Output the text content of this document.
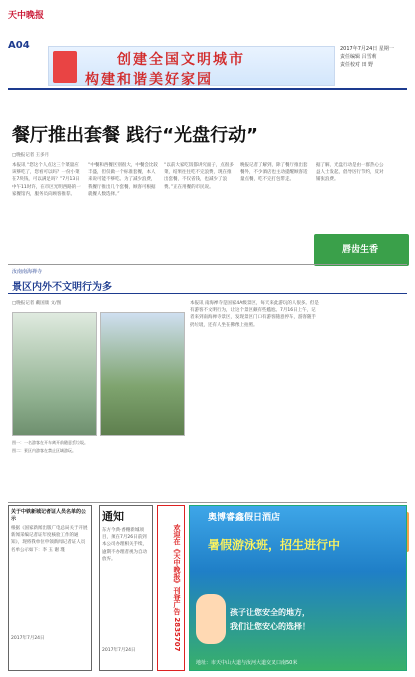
天中晚报
A04
创建全国文明城市
构建和谐美好家园
2017年7月24日 星期一
责任编辑 吕雪莉
责任校对 田 野
餐厅推出套餐 践行“光盘行动”
□晚报记者 王多月
本报讯 “您这个人点这三个菜量应该够吃了，您看可以吗？一份小菜在7块钱，可以满足吗？”7月13日中午11时许，在市区光明西路的一家餐馆内，服务员向顾客推荐。
“中餐和西餐区别很大，中餐会比较丰盛，但仅做一个标准套餐，本人来说可能不够吃。为了减少浪费，我餐厅推出几个套餐，顾客可根据就餐人数选择。”
“以前大家吃饭都讲究面子，点很多菜，结果往往吃不完浪费，现在推出套餐，不仅省钱，也减少了浪费。”正在用餐的市民说。
晚报记者了解到，除了餐厅推出套餐外，不少酒店也主动提醒顾客适量点餐，吃不完打包带走。
据了解，光盘行动是由一群热心公益人士发起，倡导厉行节约，反对铺张浪费。
唇齿生香
汝南南海禅寺
景区内外不文明行为多
□晚报记者 戴国康 文/图
图一：一名游客在开车离开前随意丢垃圾。
图二：景区内游客在禁止区域游玩。
本报讯 南海禅寺是国家4A级景区，每天来此游玩的人很多。但是有游客不文明行为，让这个景区颇有些尴尬。7月16日上午，记者来到南海禅寺景区，发现景区门口有游客随意停车，游客随手扔垃圾，还有人坐在佛像上拍照。
关于中铁新城记者证人员名单的公示
根据《国家新闻出版广电总局关于开展新闻采编记者证年度核验工作的通知》，现将我单位申领新闻记者证人员名单公示如下：李 玉 谢 瑾
2017年7月24日
通知
东方今典·香榭新城项目，须在7月26日前到本公司办理相关手续，逾期不办理者视为自动放弃。
2017年7月24日	欢迎在《天中晚报》刊登广告 2835707
奥博睿鑫假日酒店
暑假游泳班，招生进行中
孩子让您安全的地方，
我们让您安心的选择！
地址：市天中山大道与汝河大道交叉口南50米
